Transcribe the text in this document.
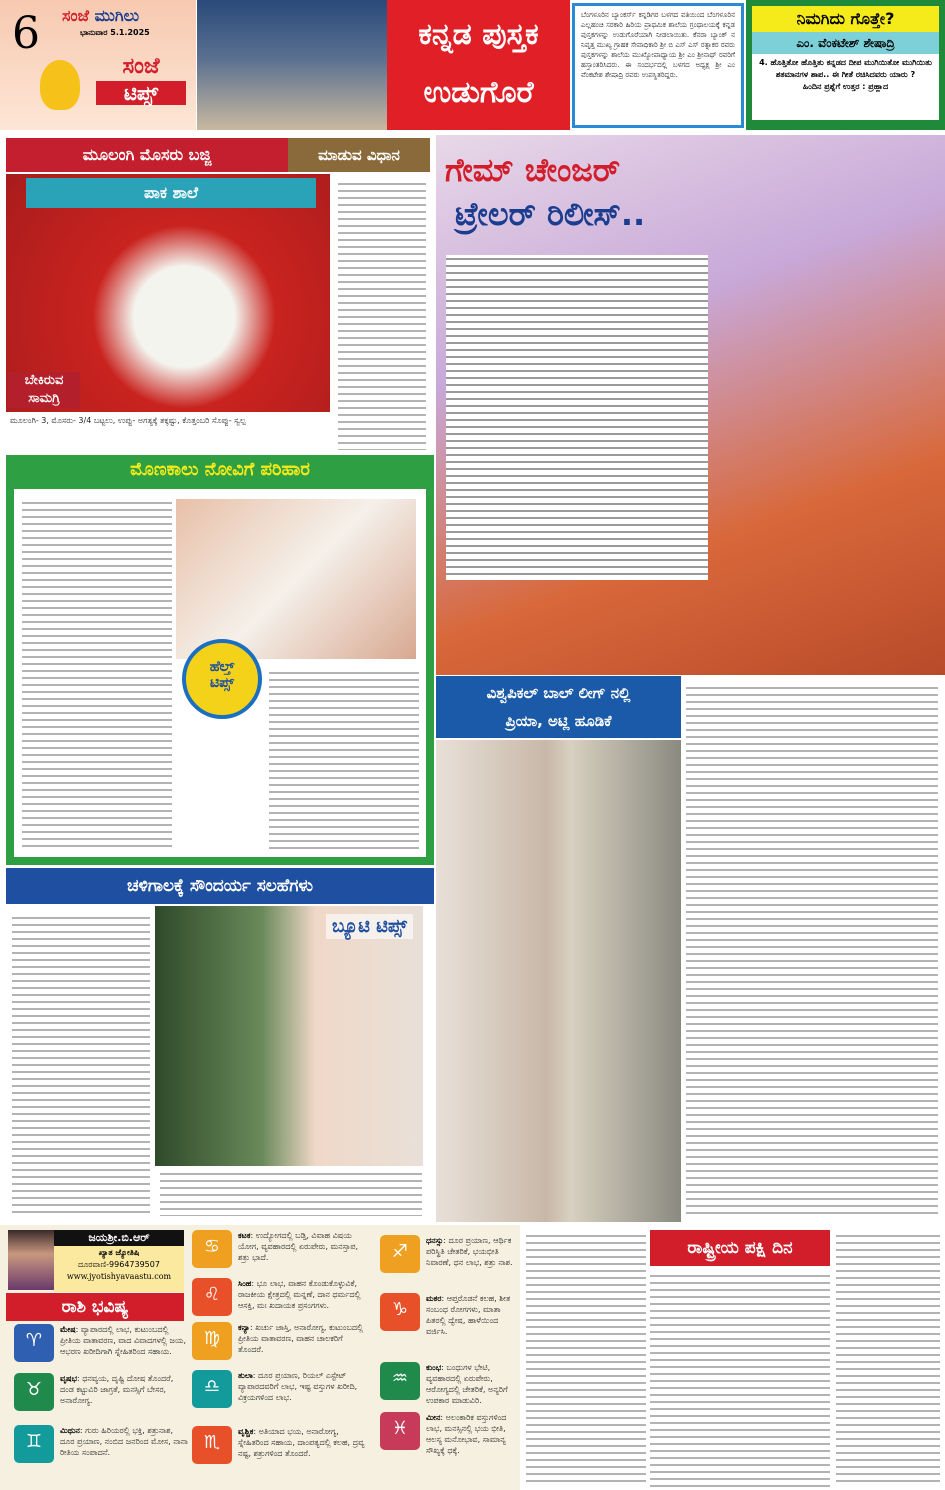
6 ಸಂಜೆ ಮುಗಿಲು
ಭಾನುವಾರ 5.1.2025
ಸಂಜೆ
ಟಿಪ್ಸ್
ಕನ್ನಡ ಪುಸ್ತಕ
ಉಡುಗೊರೆ
ಬೆಂಗಳೂರಿನ ಬ್ಯಾಂಕರ್ಸ್ ಕನ್ನಡಿಗರ ಬಳಗದ ವತಿಯಿಂದ ಬೆಂಗಳೂರಿನ ಎಲ್ಲಹಂಚಿ ಸರಕಾರಿ ಹಿರಿಯ ಪ್ರಾಥಮಿಕ ಶಾಲೆಯ ಗ್ರಂಥಾಲಯಕ್ಕೆ ಕನ್ನಡ ಪುಸ್ತಕಗಳನ್ನು ಉಡುಗೊರೆಯಾಗಿ ನೀಡಲಾಯಿತು. ಕೆನರಾ ಬ್ಯಾಂಕ್ ನ ನಿವೃತ್ತ ಮುಖ್ಯ ಗ್ರಾಹಕ ಸೇವಾಧಿಕಾರಿ ಶ್ರೀ ಬಿ ಎಸ್ ಎಸ್ ರತ್ನಾಕರ ರವರು ಪುಸ್ತಕಗಳನ್ನು ಶಾಲೆಯ ಮುಖ್ಯೋಪಾಧ್ಯಾಯ ಶ್ರೀ ಎಂ ಶ್ರೀನಾಥ್ ರವರಿಗೆ ಹಸ್ತಾಂತರಿಸಿದರು. ಈ ಸಂದರ್ಭದಲ್ಲಿ ಬಳಗದ ಅಧ್ಯಕ್ಷ ಶ್ರೀ ಎಂ ವೆಂಕಟೇಶ ಶೇಷಾದ್ರಿ ರವರು ಉಪಸ್ಥಿತರಿದ್ದರು.
ನಿಮಗಿದು ಗೊತ್ತೇ?
ಎಂ. ವೆಂಕಟೇಶ್ ಶೇಷಾದ್ರಿ
4. ಹೊತ್ತಿತೋ ಹೊತ್ತಿತು ಕನ್ನಡದ ದೀಪ ಮುಗಿಯಿತೋ ಮುಗಿಯಿತು ಶತಮಾನಗಳ ಶಾಪ.. ಈ ಗೀತೆ ರಚಿಸಿದವರು ಯಾರು ?
ಹಿಂದಿನ ಪ್ರಶ್ನೆಗೆ ಉತ್ತರ : ಪ್ರಹ್ಲಾದ
ಮೂಲಂಗಿ ಮೊಸರು ಬಜ್ಜಿ	ಮಾಡುವ ವಿಧಾನ
ಪಾಕ ಶಾಲೆ
ಬೇಕಿರುವ ಸಾಮಗ್ರಿ
ಮೂಲಂಗಿ- 3, ಮೊಸರು- 3/4 ಬಟ್ಟಲು, ಉಪ್ಪು- ಅಗತ್ಯಕ್ಕೆ ತಕ್ಕಷ್ಟು, ಕೊತ್ತಂಬರಿ ಸೊಪ್ಪು- ಸ್ವಲ್ಪ
ಮೊಣಕಾಲು ನೋವಿಗೆ ಪರಿಹಾರ
ಹೆಲ್ತ್
ಟಿಪ್ಸ್
ಚಳಿಗಾಲಕ್ಕೆ ಸೌಂದರ್ಯ ಸಲಹೆಗಳು
ಬ್ಯೂಟಿ ಟಿಪ್ಸ್
ಗೇಮ್ ಚೇಂಜರ್
ಟ್ರೇಲರ್ ರಿಲೀಸ್..
ವಿಶ್ವಪಿಕಲ್ ಬಾಲ್ ಲೀಗ್ ನಲ್ಲಿ
ಪ್ರಿಯಾ, ಅಟ್ಲಿ ಹೂಡಿಕೆ
ಜಯಶ್ರೀ.ಬಿ.ಆರ್
ಖ್ಯಾತ ಜ್ಯೋತಿಷಿ
ದೂರವಾಣಿ-9964739507
www.jyotishyavaastu.com
ರಾಶಿ ಭವಿಷ್ಯ
♈
ಮೇಷ: ವ್ಯಾಪಾರದಲ್ಲಿ ಲಾಭ, ಕುಟುಂಬದಲ್ಲಿ ಪ್ರೀತಿಯ ವಾತಾವರಣ, ವಾದ ವಿವಾದಗಳಲ್ಲಿ ಜಯ, ಆಭರಣ ಖರೀದಿಗಾಗಿ ಸ್ನೇಹಿತರಿಂದ ಸಹಾಯ.
♉
ವೃಷಭ: ಧನವ್ಯಯ, ದೃಷ್ಟಿ ದೋಷ ತೊಂದರೆ, ದಂಡ ಕಟ್ಟುವಿರಿ ಜಾಗ್ರತೆ, ಮನಸ್ಸಿಗೆ ಬೇಸರ, ಅನಾರೋಗ್ಯ.
♊
ಮಿಥುನ: ಗುರು ಹಿರಿಯರಲ್ಲಿ ಭಕ್ತಿ, ಶತ್ರುನಾಶ, ದೂರ ಪ್ರಯಾಣ, ನಂಬಿದ ಜನರಿಂದ ಮೋಸ, ನಾನಾ ರೀತಿಯ ಸಂಪಾದನೆ.
♋
ಕಟಕ: ಉದ್ಯೋಗದಲ್ಲಿ ಬಡ್ತಿ, ವಿವಾಹ ವಿಷಯ ಯೋಗ, ವ್ಯವಹಾರದಲ್ಲಿ ಏರುಪೇರು, ಮನಸ್ತಾಪ, ಶತ್ರು ಭಾದೆ.
♌
ಸಿಂಹ: ಭೂ ಲಾಭ, ವಾಹನ ಕೊಂಡುಕೊಳ್ಳುವಿಕೆ, ರಾಜಕೀಯ ಕ್ಷೇತ್ರದಲ್ಲಿ ಮನ್ನಣೆ, ದಾನ ಧರ್ಮದಲ್ಲಿ ಆಸಕ್ತಿ, ಮಃ ಖದಾಯಕ ಪ್ರಸಂಗಗಳು.
♍
ಕನ್ಯಾ: ಖರ್ಚು ಜಾಸ್ತಿ, ಅನಾರೋಗ್ಯ, ಕುಟುಂಬದಲ್ಲಿ ಪ್ರೀತಿಯ ವಾತಾವರಣ, ವಾಹನ ಚಾಲಕರಿಗೆ ತೊಂದರೆ.
♎
ತುಲಾ: ದೂರ ಪ್ರಯಾಣ, ರಿಯಲ್ ಎಸ್ಟೇಟ್ ವ್ಯಾಪಾರದವರಿಗೆ ಲಾಭ, ಇಷ್ಟ ವಸ್ತುಗಳ ಖರೀದಿ, ವಿಕ್ರಯಗಳಿಂದ ಲಾಭ.
♏
ವೃಶ್ಚಿಕ: ಅತಿಯಾದ ಭಯ, ಅನಾರೋಗ್ಯ, ಸ್ನೇಹಿತರಿಂದ ಸಹಾಯ, ದಾಂಪತ್ಯದಲ್ಲಿ ಕಲಹ, ದ್ರವ್ಯ ನಷ್ಟ, ಶತ್ರುಗಳಿಂದ ತೊಂದರೆ.
♐
ಧನಸ್ಸು: ದೂರ ಪ್ರಯಾಣ, ಆರ್ಥಿಕ ಪರಿಸ್ಥಿತಿ ಚೇತರಿಕೆ, ಭಯಭೀತಿ ನಿವಾರಣೆ, ಧನ ಲಾಭ, ಶತ್ರು ನಾಶ.
♑
ಮಕರ: ಆಪ್ತರೊಡನೆ ಕಲಹ, ಶೀತ ಸಂಬಂಧ ರೋಗಗಳು, ಮಾತಾ ಪಿತರಲ್ಲಿ ದ್ವೇಷ, ಹಾಳೆಯಿಂದ ವರ್ಜಿಸಿ.
♒
ಕುಂಭ: ಬಂಧುಗಳ ಭೇಟಿ, ವ್ಯವಹಾರದಲ್ಲಿ ಏರುಪೇರು, ಆರೋಗ್ಯದಲ್ಲಿ ಚೇತರಿಕೆ, ಅನ್ಯರಿಗೆ ಉಪಕಾರ ಮಾಡುವಿರಿ.
♓
ಮೀನ: ಅಲಂಕಾರಿಕ ವಸ್ತುಗಳಿಂದ ಲಾಭ, ಮನಸ್ಸಿನಲ್ಲಿ ಭಯ ಭೀತಿ, ಆಲಸ್ಯ ಮನೋಭಾವ, ಸಾಮಾನ್ಯ ಸೌಖ್ಯಕ್ಕೆ ಧಕ್ಕೆ.
ರಾಷ್ಟ್ರೀಯ ಪಕ್ಷಿ ದಿನ
